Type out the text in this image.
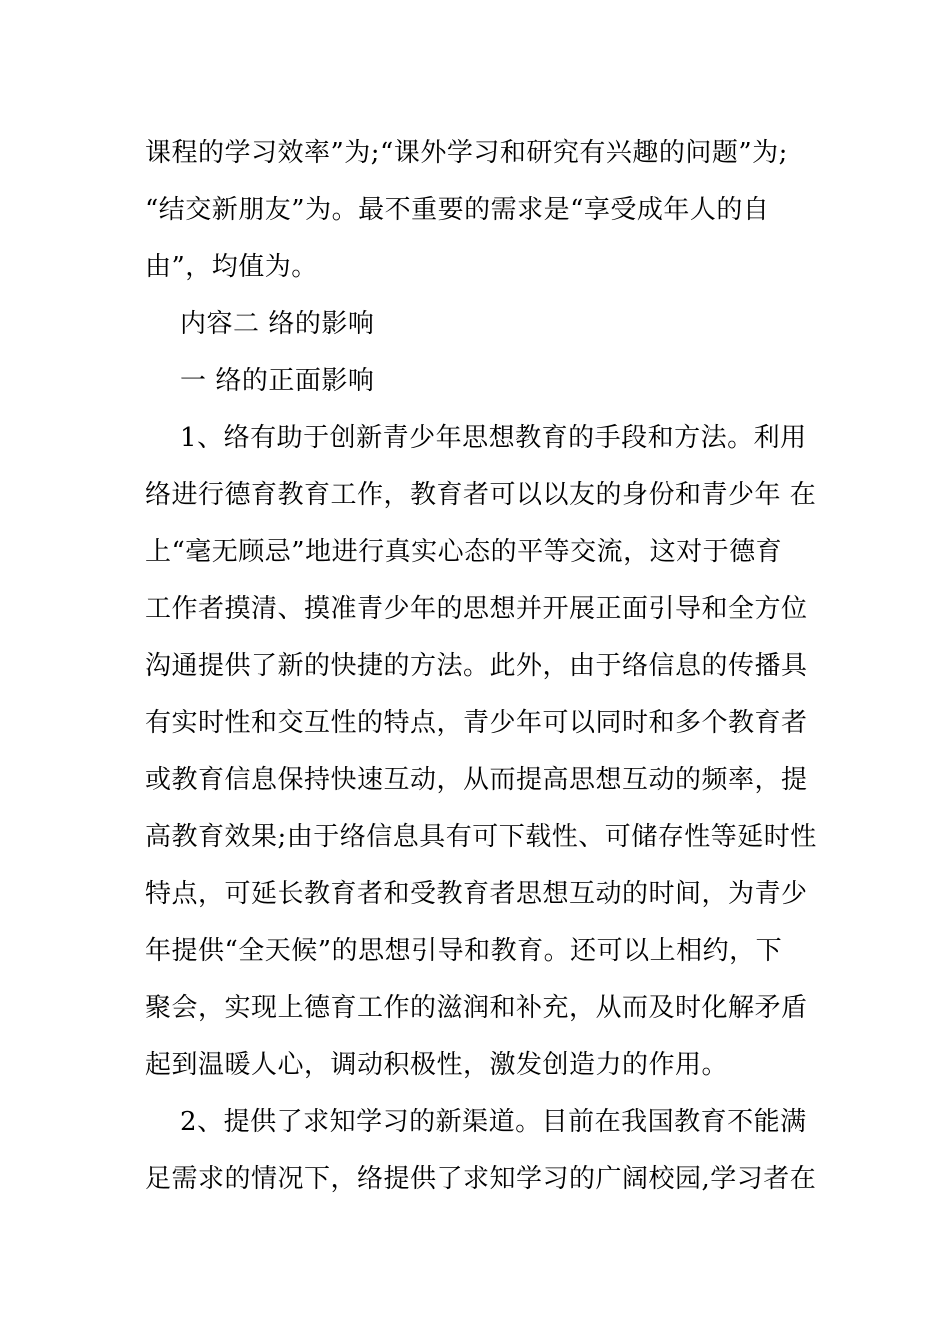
课程的学习效率”为;“课外学习和研究有兴趣的问题”为;
“结交新朋友”为。最不重要的需求是“享受成年人的自
由”，均值为。
内容二 络的影响
一 络的正面影响
1、络有助于创新青少年思想教育的手段和方法。利用
络进行德育教育工作，教育者可以以友的身份和青少年 在
上“毫无顾忌”地进行真实心态的平等交流，这对于德育
工作者摸清、摸准青少年的思想并开展正面引导和全方位
沟通提供了新的快捷的方法。此外，由于络信息的传播具
有实时性和交互性的特点，青少年可以同时和多个教育者
或教育信息保持快速互动，从而提高思想互动的频率，提
高教育效果;由于络信息具有可下载性、可储存性等延时性
特点，可延长教育者和受教育者思想互动的时间，为青少
年提供“全天候”的思想引导和教育。还可以上相约，下
聚会，实现上德育工作的滋润和补充，从而及时化解矛盾
起到温暖人心，调动积极性，激发创造力的作用。
2、提供了求知学习的新渠道。目前在我国教育不能满
足需求的情况下，络提供了求知学习的广阔校园,学习者在
